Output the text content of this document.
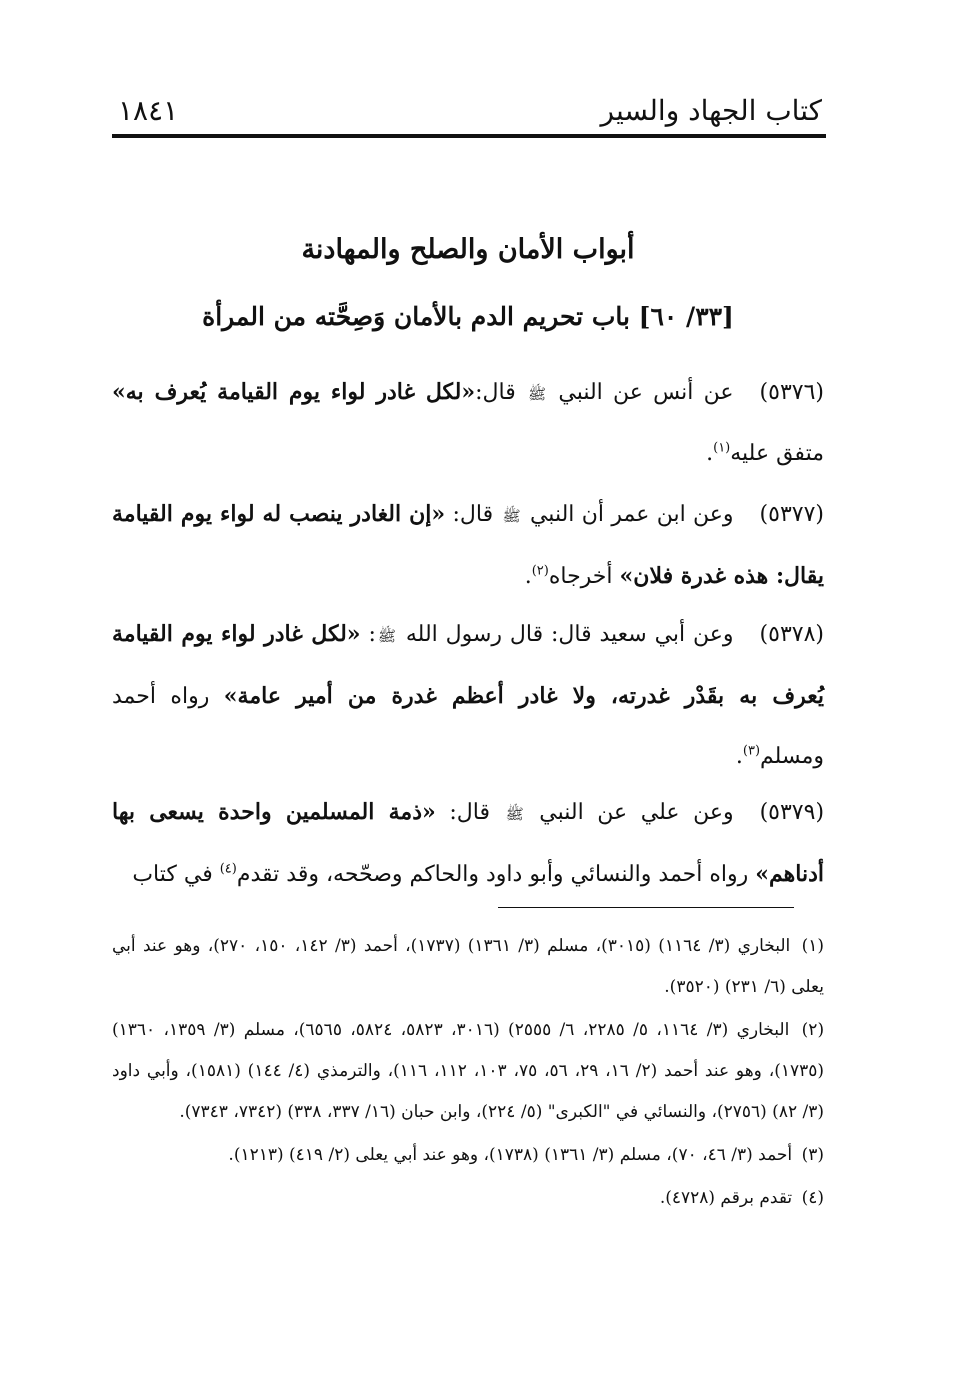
كتاب الجهاد والسير
١٨٤١
أبواب الأمان والصلح والمهادنة
[٣٣/ ٦٠] باب تحريم الدم بالأمان وَصِحَّته من المرأة
(٥٣٧٦)عن أنس عن النبي ﷺ قال:«لكل غادر لواء يوم القيامة يُعرف به» متفق عليه$^{(١)}$.
(٥٣٧٧)وعن ابن عمر أن النبي ﷺ قال: «إن الغادر ينصب له لواء يوم القيامة يقال: هذه غدرة فلان» أخرجاه$^{(٢)}$.
(٥٣٧٨)وعن أبي سعيد قال: قال رسول الله ﷺ: «لكل غادر لواء يوم القيامة يُعرف به بقَدْر غدرته، ولا غادر أعظم غدرة من أمير عامة» رواه أحمد ومسلم$^{(٣)}$.
(٥٣٧٩)وعن علي عن النبي ﷺ قال: «ذمة المسلمين واحدة يسعى بها أدناهم» رواه أحمد والنسائي وأبو داود والحاكم وصحّحه، وقد تقدم$^{(٤)}$ في كتاب
(١) البخاري (٣/ ١١٦٤) (٣٠١٥)، مسلم (٣/ ١٣٦١) (١٧٣٧)، أحمد (٣/ ١٤٢، ١٥٠، ٢٧٠)، وهو عند أبي يعلى (٦/ ٢٣١) (٣٥٢٠).
(٢) البخاري (٣/ ١١٦٤، ٥/ ٢٢٨٥، ٦/ ٢٥٥٥) (٣٠١٦، ٥٨٢٣، ٥٨٢٤، ٦٥٦٥)، مسلم (٣/ ١٣٥٩، ١٣٦٠) (١٧٣٥)، وهو عند أحمد (٢/ ١٦، ٢٩، ٥٦، ٧٥، ١٠٣، ١١٢، ١١٦)، والترمذي (٤/ ١٤٤) (١٥٨١)، وأبي داود (٣/ ٨٢) (٢٧٥٦)، والنسائي في "الكبرى" (٥/ ٢٢٤)، وابن حبان (١٦/ ٣٣٧، ٣٣٨) (٧٣٤٢، ٧٣٤٣).
(٣) أحمد (٣/ ٤٦، ٧٠)، مسلم (٣/ ١٣٦١) (١٧٣٨)، وهو عند أبي يعلى (٢/ ٤١٩) (١٢١٣).
(٤) تقدم برقم (٤٧٢٨).
